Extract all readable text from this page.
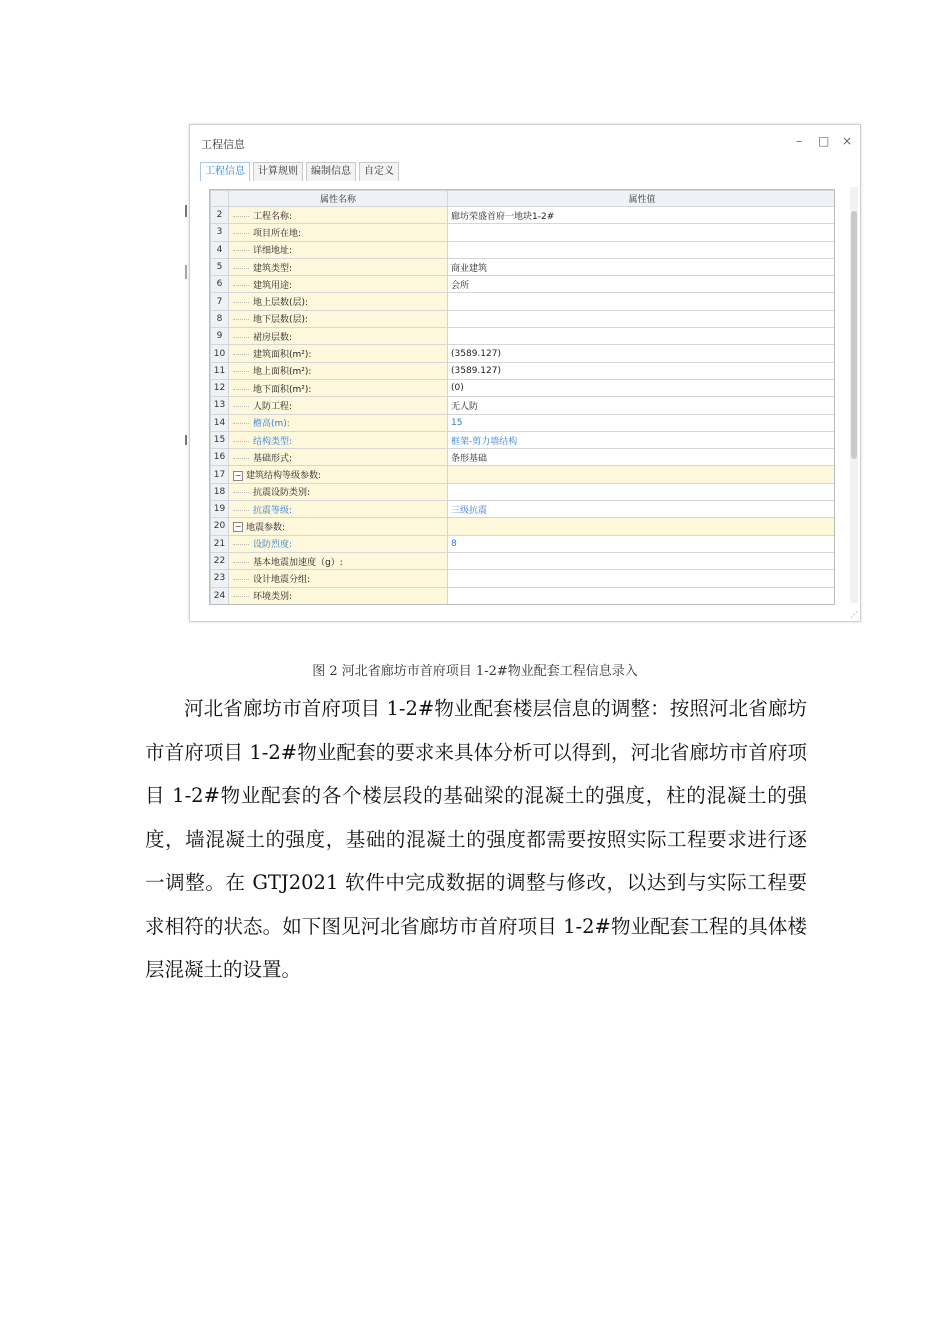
工程信息	– □ ×
工程信息	计算规则	编制信息	自定义
	属性名称	属性值
2	工程名称:	廊坊荣盛首府一地块1-2#
3	项目所在地:	
4	详细地址:	
5	建筑类型:	商业建筑
6	建筑用途:	会所
7	地上层数(层):	
8	地下层数(层):	
9	裙房层数:	
10	建筑面积(m²):	(3589.127)
11	地上面积(m²):	(3589.127)
12	地下面积(m²):	(0)
13	人防工程:	无人防
14	檐高(m):	15
15	结构类型:	框架-剪力墙结构
16	基础形式:	条形基础
17	− 建筑结构等级参数:	
18	抗震设防类别:	
19	抗震等级:	三级抗震
20	− 地震参数:	
21	设防烈度:	8
22	基本地震加速度（g）:	
23	设计地震分组:	
24	环境类别:	
⋰
图 2 河北省廊坊市首府项目 1-2#物业配套工程信息录入

河北省廊坊市首府项目 1-2#物业配套楼层信息的调整：按照河北省廊坊市首府项目 1-2#物业配套的要求来具体分析可以得到，河北省廊坊市首府项目 1-2#物业配套的各个楼层段的基础梁的混凝土的强度，柱的混凝土的强度，墙混凝土的强度，基础的混凝土的强度都需要按照实际工程要求进行逐一调整。在 GTJ2021 软件中完成数据的调整与修改，以达到与实际工程要求相符的状态。如下图见河北省廊坊市首府项目 1-2#物业配套工程的具体楼层混凝土的设置。
